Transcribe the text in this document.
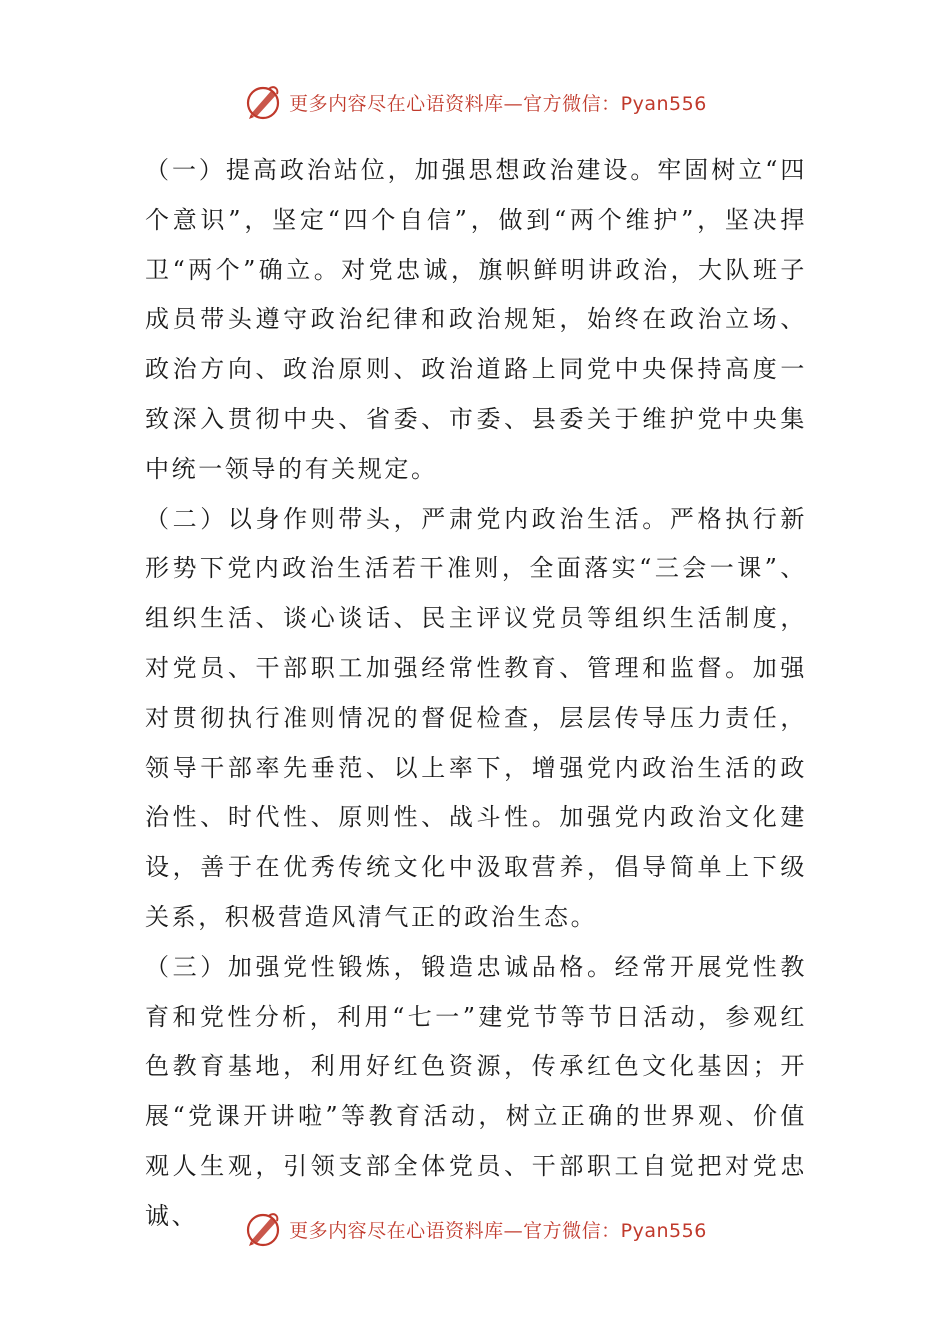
更多内容尽在心语资料库—官方微信：Pyan556

（一）提高政治站位，加强思想政治建设。牢固树立“四个意识”，坚定“四个自信”，做到“两个维护”，坚决捍卫“两个”确立。对党忠诚，旗帜鲜明讲政治，大队班子成员带头遵守政治纪律和政治规矩，始终在政治立场、政治方向、政治原则、政治道路上同党中央保持高度一致深入贯彻中央、省委、市委、县委关于维护党中央集中统一领导的有关规定。

（二）以身作则带头，严肃党内政治生活。严格执行新形势下党内政治生活若干准则，全面落实“三会一课”、组织生活、谈心谈话、民主评议党员等组织生活制度，对党员、干部职工加强经常性教育、管理和监督。加强对贯彻执行准则情况的督促检查，层层传导压力责任，领导干部率先垂范、以上率下，增强党内政治生活的政治性、时代性、原则性、战斗性。加强党内政治文化建设，善于在优秀传统文化中汲取营养，倡导简单上下级关系，积极营造风清气正的政治生态。

（三）加强党性锻炼，锻造忠诚品格。经常开展党性教育和党性分析，利用“七一”建党节等节日活动，参观红色教育基地，利用好红色资源，传承红色文化基因；开展“党课开讲啦”等教育活动，树立正确的世界观、价值观人生观，引领支部全体党员、干部职工自觉把对党忠诚、

更多内容尽在心语资料库—官方微信：Pyan556
